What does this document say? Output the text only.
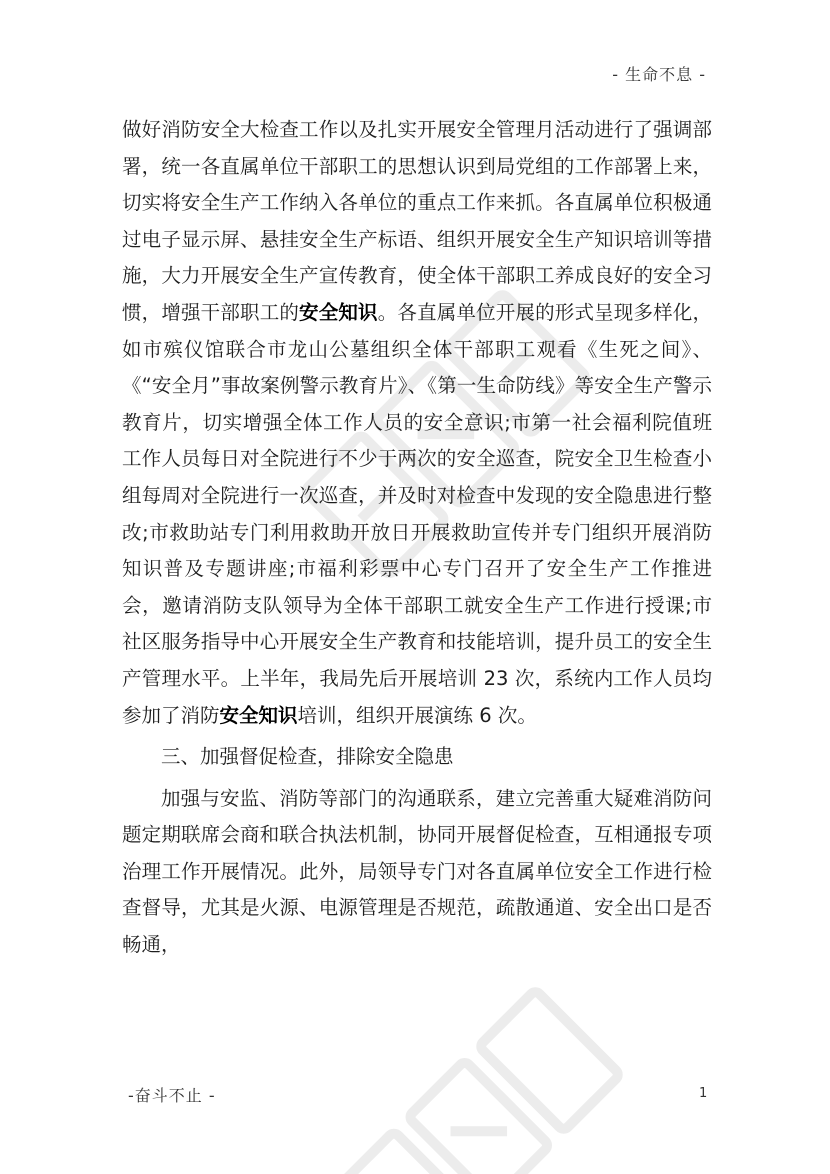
- 生命不息 -

做好消防安全大检查工作以及扎实开展安全管理月活动进行了强调部署，统一各直属单位干部职工的思想认识到局党组的工作部署上来，切实将安全生产工作纳入各单位的重点工作来抓。各直属单位积极通过电子显示屏、悬挂安全生产标语、组织开展安全生产知识培训等措施，大力开展安全生产宣传教育，使全体干部职工养成良好的安全习惯，增强干部职工的安全知识。各直属单位开展的形式呈现多样化，如市殡仪馆联合市龙山公墓组织全体干部职工观看《生死之间》、《“安全月”事故案例警示教育片》、《第一生命防线》等安全生产警示教育片，切实增强全体工作人员的安全意识;市第一社会福利院值班工作人员每日对全院进行不少于两次的安全巡查，院安全卫生检查小组每周对全院进行一次巡查，并及时对检查中发现的安全隐患进行整改;市救助站专门利用救助开放日开展救助宣传并专门组织开展消防知识普及专题讲座;市福利彩票中心专门召开了安全生产工作推进会，邀请消防支队领导为全体干部职工就安全生产工作进行授课;市社区服务指导中心开展安全生产教育和技能培训，提升员工的安全生产管理水平。上半年，我局先后开展培训 23 次，系统内工作人员均参加了消防安全知识培训，组织开展演练 6 次。

三、加强督促检查，排除安全隐患

加强与安监、消防等部门的沟通联系，建立完善重大疑难消防问题定期联席会商和联合执法机制，协同开展督促检查，互相通报专项治理工作开展情况。此外，局领导专门对各直属单位安全工作进行检查督导，尤其是火源、电源管理是否规范，疏散通道、安全出口是否畅通，

-奋斗不止 -	1
